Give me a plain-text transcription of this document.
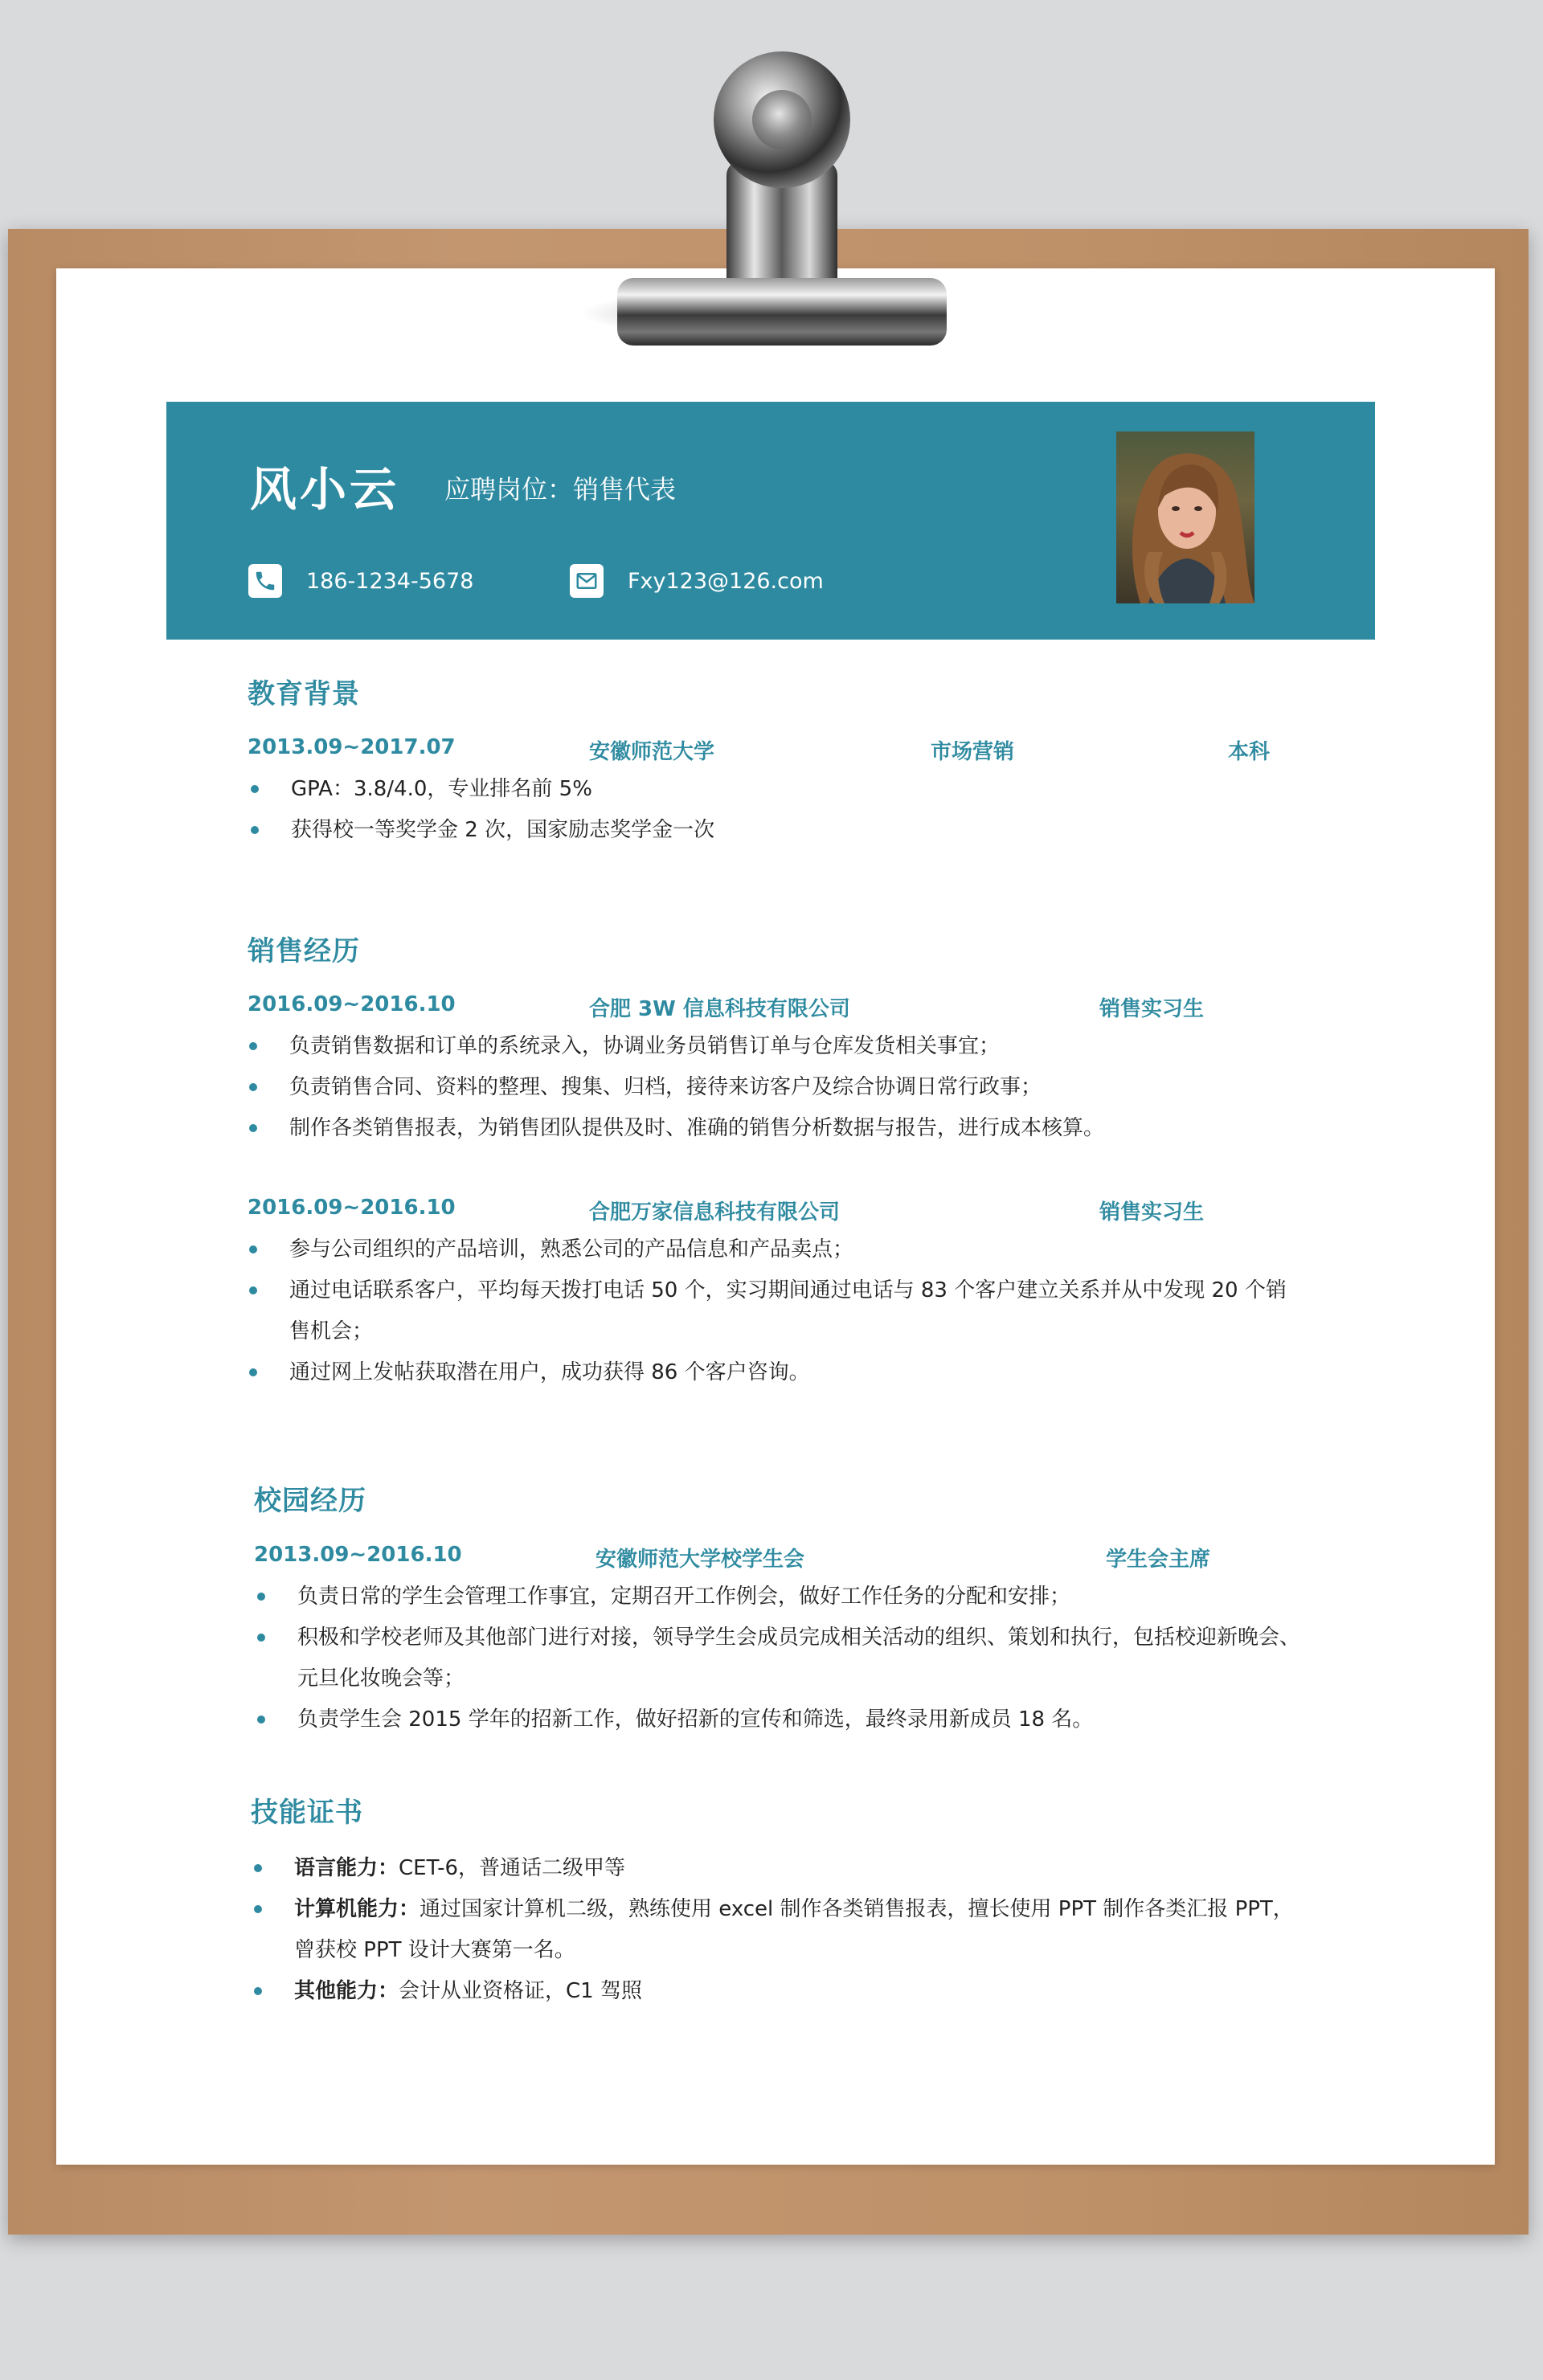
风小云 应聘岗位：销售代表
186-1234-5678	Fxy123@126.com
教育背景
2013.09~2017.07	安徽师范大学	市场营销	本科
GPA：3.8/4.0，专业排名前 5%
获得校一等奖学金 2 次，国家励志奖学金一次
销售经历
2016.09~2016.10	合肥 3W 信息科技有限公司	销售实习生
负责销售数据和订单的系统录入，协调业务员销售订单与仓库发货相关事宜；
负责销售合同、资料的整理、搜集、归档，接待来访客户及综合协调日常行政事；
制作各类销售报表，为销售团队提供及时、准确的销售分析数据与报告，进行成本核算。
2016.09~2016.10	合肥万家信息科技有限公司	销售实习生
参与公司组织的产品培训，熟悉公司的产品信息和产品卖点；
通过电话联系客户，平均每天拨打电话 50 个，实习期间通过电话与 83 个客户建立关系并从中发现 20 个销售机会；
通过网上发帖获取潜在用户，成功获得 86 个客户咨询。
校园经历
2013.09~2016.10	安徽师范大学校学生会	学生会主席
负责日常的学生会管理工作事宜，定期召开工作例会，做好工作任务的分配和安排；
积极和学校老师及其他部门进行对接，领导学生会成员完成相关活动的组织、策划和执行，包括校迎新晚会、元旦化妆晚会等；
负责学生会 2015 学年的招新工作，做好招新的宣传和筛选，最终录用新成员 18 名。
技能证书
语言能力：CET-6，普通话二级甲等
计算机能力：通过国家计算机二级，熟练使用 excel 制作各类销售报表，擅长使用 PPT 制作各类汇报 PPT，曾获校 PPT 设计大赛第一名。
其他能力：会计从业资格证，C1 驾照
